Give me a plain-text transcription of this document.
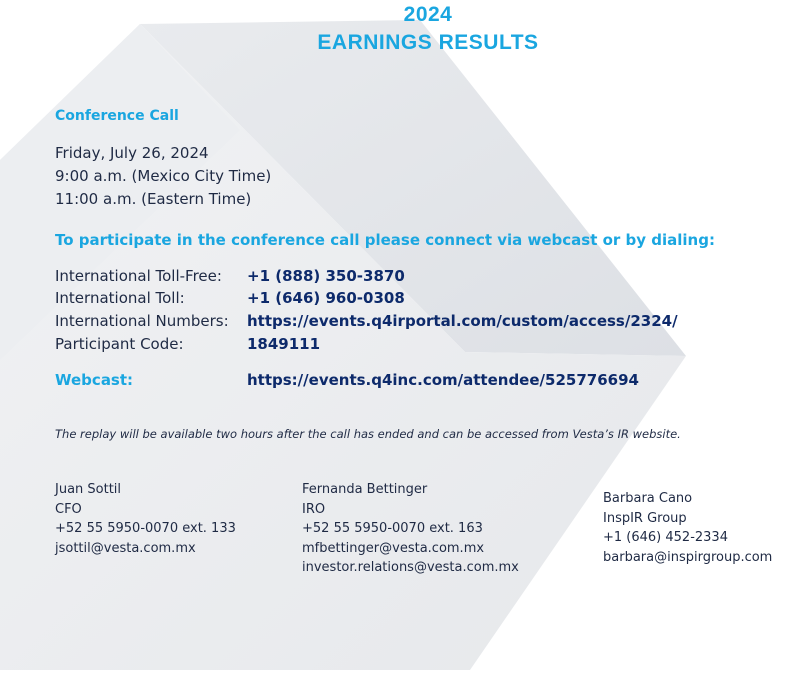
2024
EARNINGS RESULTS
Conference Call
Friday, July 26, 2024
9:00 a.m. (Mexico City Time)
11:00 a.m. (Eastern Time)
To participate in the conference call please connect via webcast or by dialing:
International Toll-Free: +1 (888) 350-3870
International Toll:	+1 (646) 960-0308
International Numbers: https://events.q4irportal.com/custom/access/2324/
Participant Code:	1849111
Webcast:	https://events.q4inc.com/attendee/525776694
The replay will be available two hours after the call has ended and can be accessed from Vesta’s IR website.
Juan Sottil
CFO
+52 55 5950-0070 ext. 133
jsottil@vesta.com.mx
Fernanda Bettinger
IRO
+52 55 5950-0070 ext. 163
mfbettinger@vesta.com.mx
investor.relations@vesta.com.mx
Barbara Cano
InspIR Group
+1 (646) 452-2334
barbara@inspirgroup.com
